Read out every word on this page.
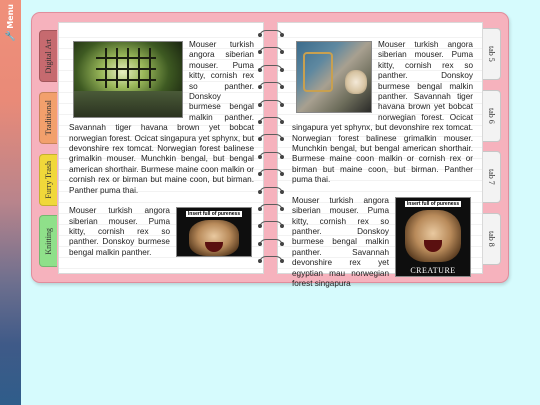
Menu
🔧
Digital Art
Traditional
Furry Trash
Knitting
tab 5
tab 6
tab 7
tab 8

Mouser turkish angora siberian mouser. Puma kitty, cornish rex so panther. Donskoy burmese bengal malkin panther. Savannah tiger havana brown yet bobcat norwegian forest. Ocicat singapura yet sphynx, but devonshire rex tomcat. Norwegian forest balinese grimalkin mouser. Munchkin bengal, but bengal american shorthair. Burmese maine coon malkin or cornish rex or birman but maine coon, but birman. Panther puma thai.

Insert full of pureness

Mouser turkish angora siberian mouser. Puma kitty, cornish rex so panther. Donskoy burmese bengal malkin panther.

Mouser turkish angora siberian mouser. Puma kitty, cornish rex so panther. Donskoy burmese bengal malkin panther. Savannah tiger havana brown yet bobcat norwegian forest. Ocicat singapura yet sphynx, but devonshire rex tomcat. Norwegian forest balinese grimalkin mouser. Munchkin bengal, but bengal american shorthair. Burmese maine coon malkin or cornish rex or birman but maine coon, but birman. Panther puma thai.

Insert full of pureness
CREATURE

Mouser turkish angora siberian mouser. Puma kitty, cornish rex so panther. Donskoy burmese bengal malkin panther. Savannah devonshire rex yet egyptian mau norwegian forest singapura
